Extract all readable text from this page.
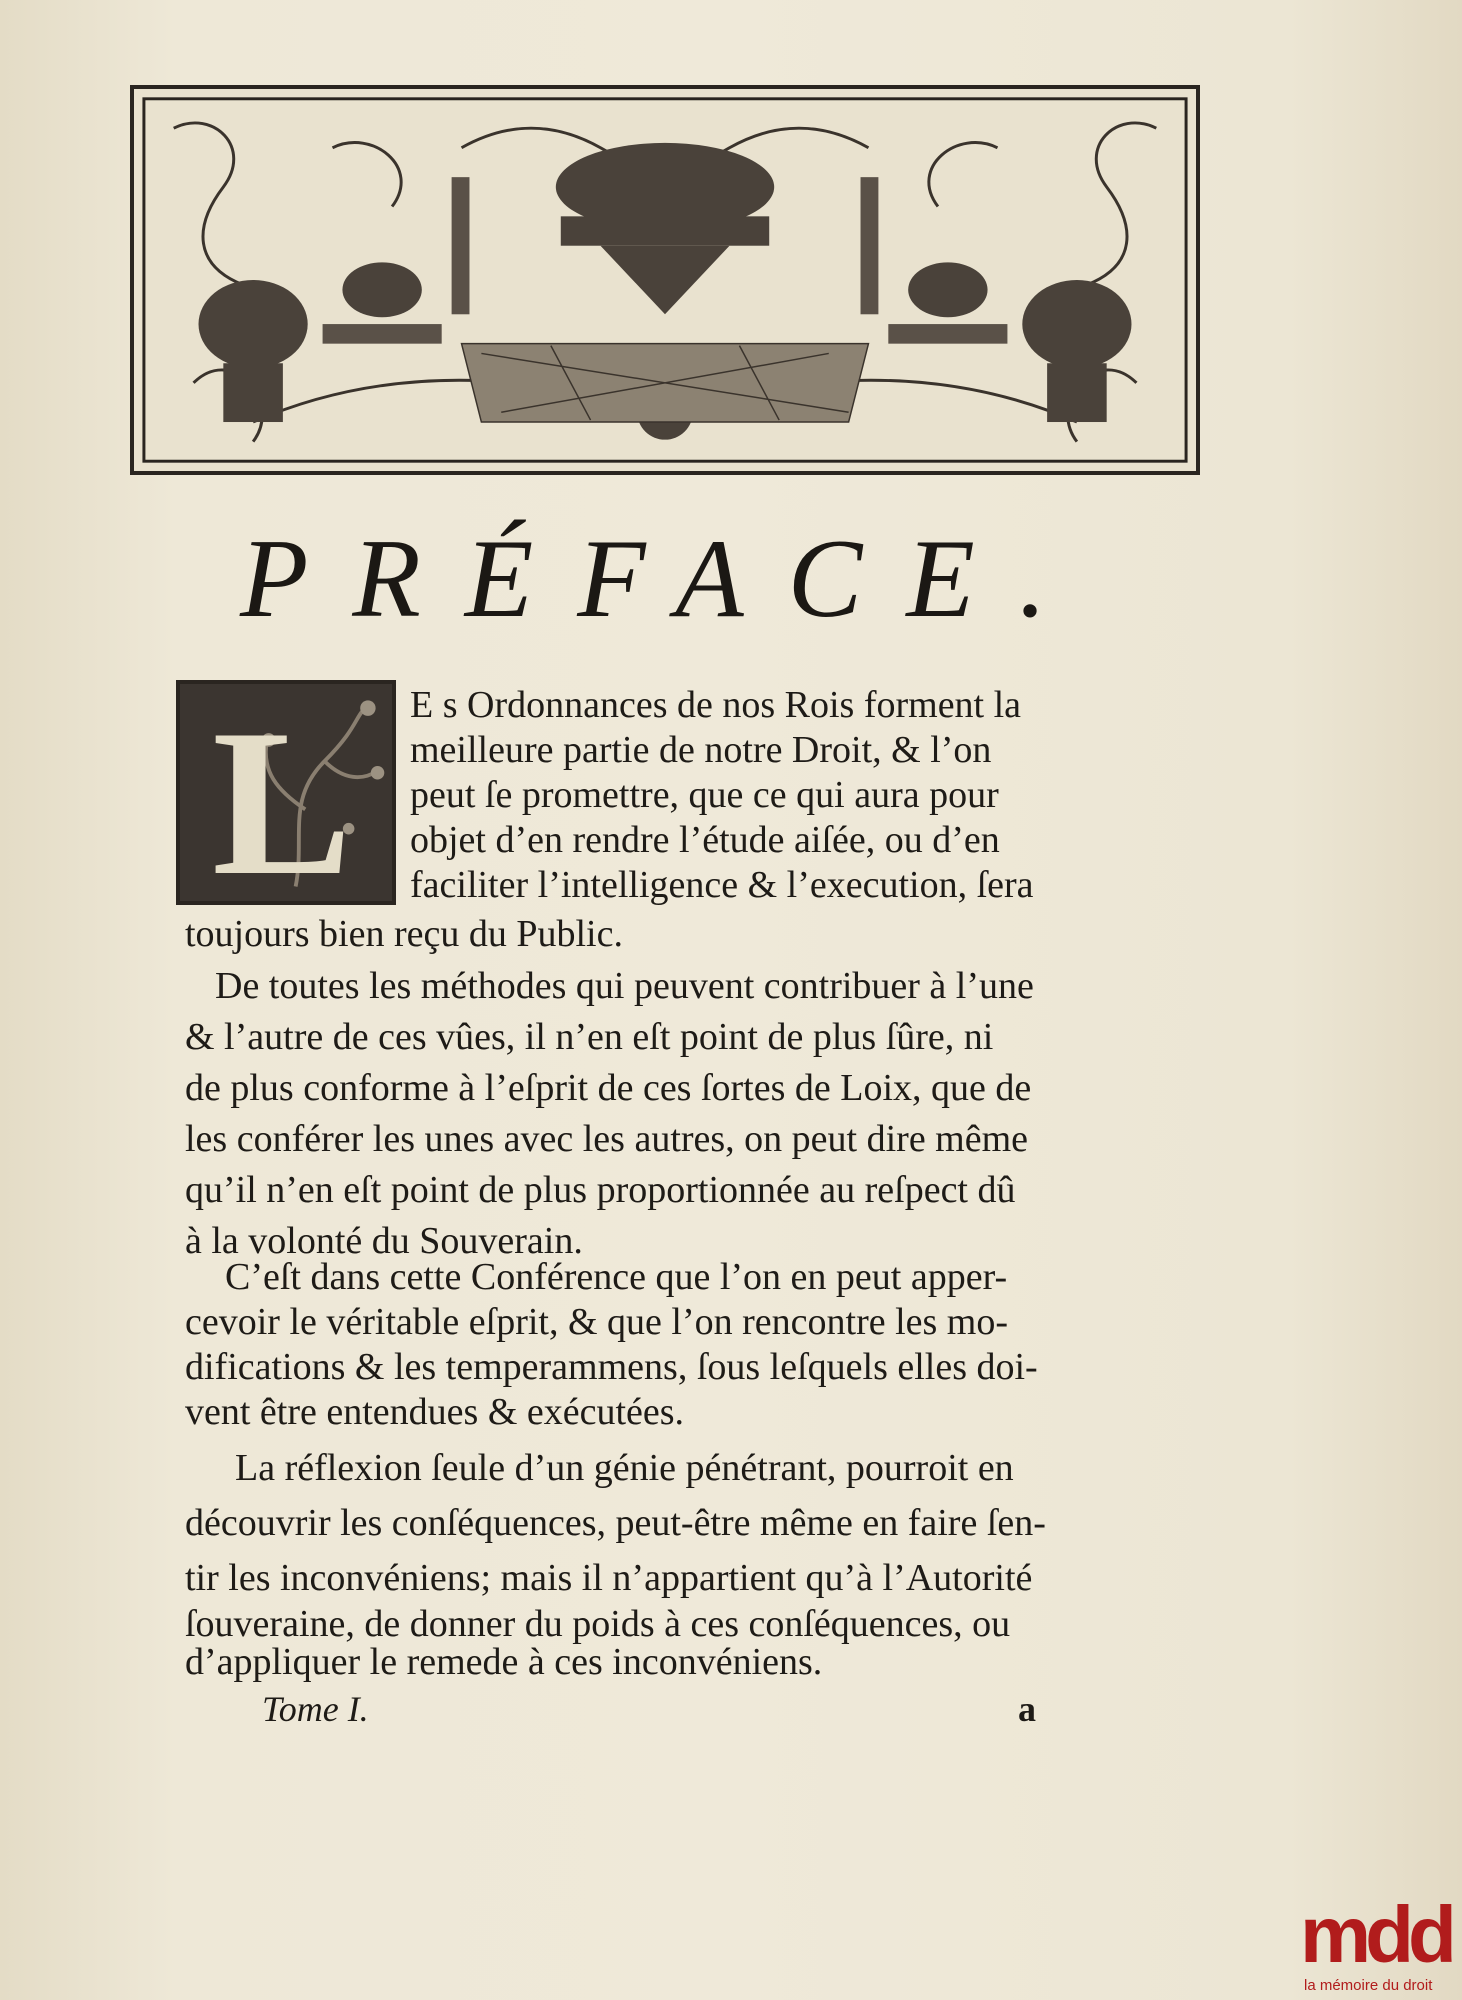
PRÉFACE.
L E s Ordonnances de nos Rois forment la
meilleure partie de notre Droit, & l’on
peut ſe promettre, que ce qui aura pour
objet d’en rendre l’étude aiſée, ou d’en
faciliter l’intelligence & l’execution, ſera
toujours bien reçu du Public.
De toutes les méthodes qui peuvent contribuer à l’une
& l’autre de ces vûes, il n’en eſt point de plus ſûre, ni
de plus conforme à l’eſprit de ces ſortes de Loix, que de
les conférer les unes avec les autres, on peut dire même
qu’il n’en eſt point de plus proportionnée au reſpect dû
à la volonté du Souverain.
C’eſt dans cette Conférence que l’on en peut apper-
cevoir le véritable eſprit, & que l’on rencontre les mo-
difications & les temperammens, ſous leſquels elles doi-
vent être entendues & exécutées.
La réflexion ſeule d’un génie pénétrant, pourroit en
découvrir les conſéquences, peut-être même en faire ſen-
tir les inconvéniens; mais il n’appartient qu’à l’Autorité
ſouveraine, de donner du poids à ces conſéquences, ou
d’appliquer le remede à ces inconvéniens.
Tome I.	a
mdd
la mémoire du droit
